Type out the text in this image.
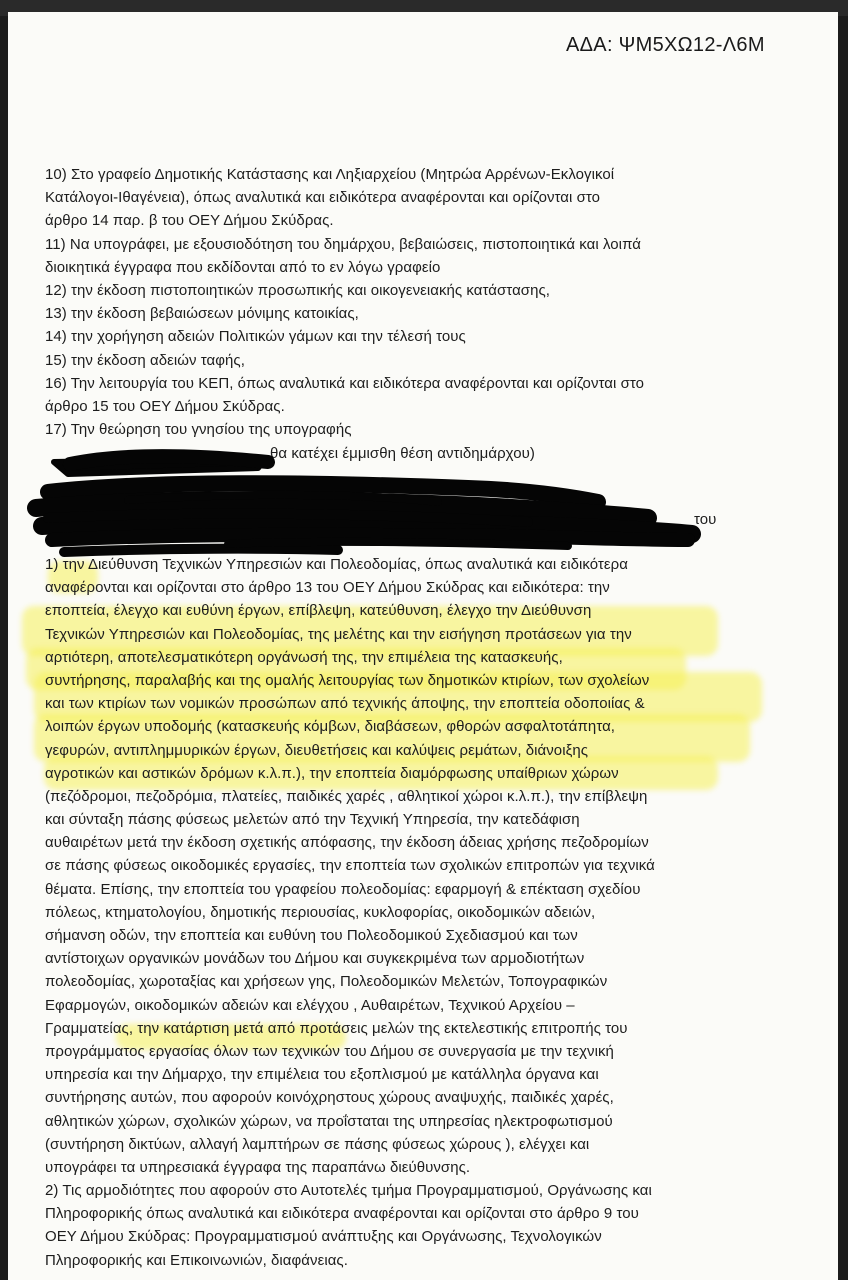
ΑΔΑ: ΨΜ5ΧΩ12-Λ6Μ
10) Στο γραφείο Δημοτικής Κατάστασης και Ληξιαρχείου (Μητρώα Αρρένων-Εκλογικοί
Κατάλογοι-Ιθαγένεια), όπως αναλυτικά και ειδικότερα αναφέρονται και ορίζονται στο
άρθρο 14 παρ. β του ΟΕΥ Δήμου Σκύδρας.
11) Να υπογράφει, με εξουσιοδότηση του δημάρχου, βεβαιώσεις, πιστοποιητικά και λοιπά
διοικητικά έγγραφα που εκδίδονται από το εν λόγω γραφείο
12) την έκδοση πιστοποιητικών προσωπικής και οικογενειακής κατάστασης,
13) την έκδοση βεβαιώσεων μόνιμης κατοικίας,
14) την χορήγηση αδειών Πολιτικών γάμων και την τέλεσή τους
15) την έκδοση αδειών ταφής,
16) Την λειτουργία του ΚΕΠ, όπως αναλυτικά και ειδικότερα αναφέρονται και ορίζονται στο
άρθρο 15 του ΟΕΥ Δήμου Σκύδρας.
17) Την θεώρηση του γνησίου της υπογραφής
θα κατέχει έμμισθη θέση αντιδημάρχου)
του
1) την Διεύθυνση Τεχνικών Υπηρεσιών και Πολεοδομίας, όπως αναλυτικά και ειδικότερα
αναφέρονται και ορίζονται στο άρθρο 13 του ΟΕΥ Δήμου Σκύδρας και ειδικότερα: την
εποπτεία, έλεγχο και ευθύνη έργων, επίβλεψη, κατεύθυνση, έλεγχο την Διεύθυνση
Τεχνικών Υπηρεσιών και Πολεοδομίας, της μελέτης και την εισήγηση προτάσεων για την
αρτιότερη, αποτελεσματικότερη οργάνωσή της, την επιμέλεια της κατασκευής,
συντήρησης, παραλαβής και της ομαλής λειτουργίας των δημοτικών κτιρίων, των σχολείων
και των κτιρίων των νομικών προσώπων από τεχνικής άποψης, την εποπτεία οδοποιίας &
λοιπών έργων υποδομής (κατασκευής κόμβων, διαβάσεων, φθορών ασφαλτοτάπητα,
γεφυρών, αντιπλημμυρικών έργων, διευθετήσεις και καλύψεις ρεμάτων, διάνοιξης
αγροτικών και αστικών δρόμων κ.λ.π.), την εποπτεία διαμόρφωσης υπαίθριων χώρων
(πεζόδρομοι, πεζοδρόμια, πλατείες, παιδικές χαρές , αθλητικοί χώροι κ.λ.π.), την επίβλεψη
και σύνταξη πάσης φύσεως μελετών από την Τεχνική Υπηρεσία, την κατεδάφιση
αυθαιρέτων μετά την έκδοση σχετικής απόφασης, την έκδοση άδειας χρήσης πεζοδρομίων
σε πάσης φύσεως οικοδομικές εργασίες, την εποπτεία των σχολικών επιτροπών για τεχνικά
θέματα. Επίσης, την εποπτεία του γραφείου πολεοδομίας: εφαρμογή & επέκταση σχεδίου
πόλεως, κτηματολογίου, δημοτικής περιουσίας, κυκλοφορίας, οικοδομικών αδειών,
σήμανση οδών, την εποπτεία και ευθύνη του Πολεοδομικού Σχεδιασμού και των
αντίστοιχων οργανικών μονάδων του Δήμου και συγκεκριμένα των αρμοδιοτήτων
πολεοδομίας, χωροταξίας και χρήσεων γης, Πολεοδομικών Μελετών, Τοπογραφικών
Εφαρμογών, οικοδομικών αδειών και ελέγχου , Αυθαιρέτων, Τεχνικού Αρχείου –
Γραμματείας, την κατάρτιση μετά από προτάσεις μελών της εκτελεστικής επιτροπής του
προγράμματος εργασίας όλων των τεχνικών του Δήμου σε συνεργασία με την τεχνική
υπηρεσία και την Δήμαρχο, την επιμέλεια του εξοπλισμού με κατάλληλα όργανα και
συντήρησης αυτών, που αφορούν κοινόχρηστους χώρους αναψυχής, παιδικές χαρές,
αθλητικών χώρων, σχολικών χώρων, να προΐσταται της υπηρεσίας ηλεκτροφωτισμού
(συντήρηση δικτύων, αλλαγή λαμπτήρων σε πάσης φύσεως χώρους ), ελέγχει και
υπογράφει τα υπηρεσιακά έγγραφα της παραπάνω διεύθυνσης.
2) Τις αρμοδιότητες που αφορούν στο Αυτοτελές τμήμα Προγραμματισμού, Οργάνωσης και
Πληροφορικής όπως αναλυτικά και ειδικότερα αναφέρονται και ορίζονται στο άρθρο 9 του
ΟΕΥ Δήμου Σκύδρας: Προγραμματισμού ανάπτυξης και Οργάνωσης, Τεχνολογικών
Πληροφορικής και Επικοινωνιών, διαφάνειας.
